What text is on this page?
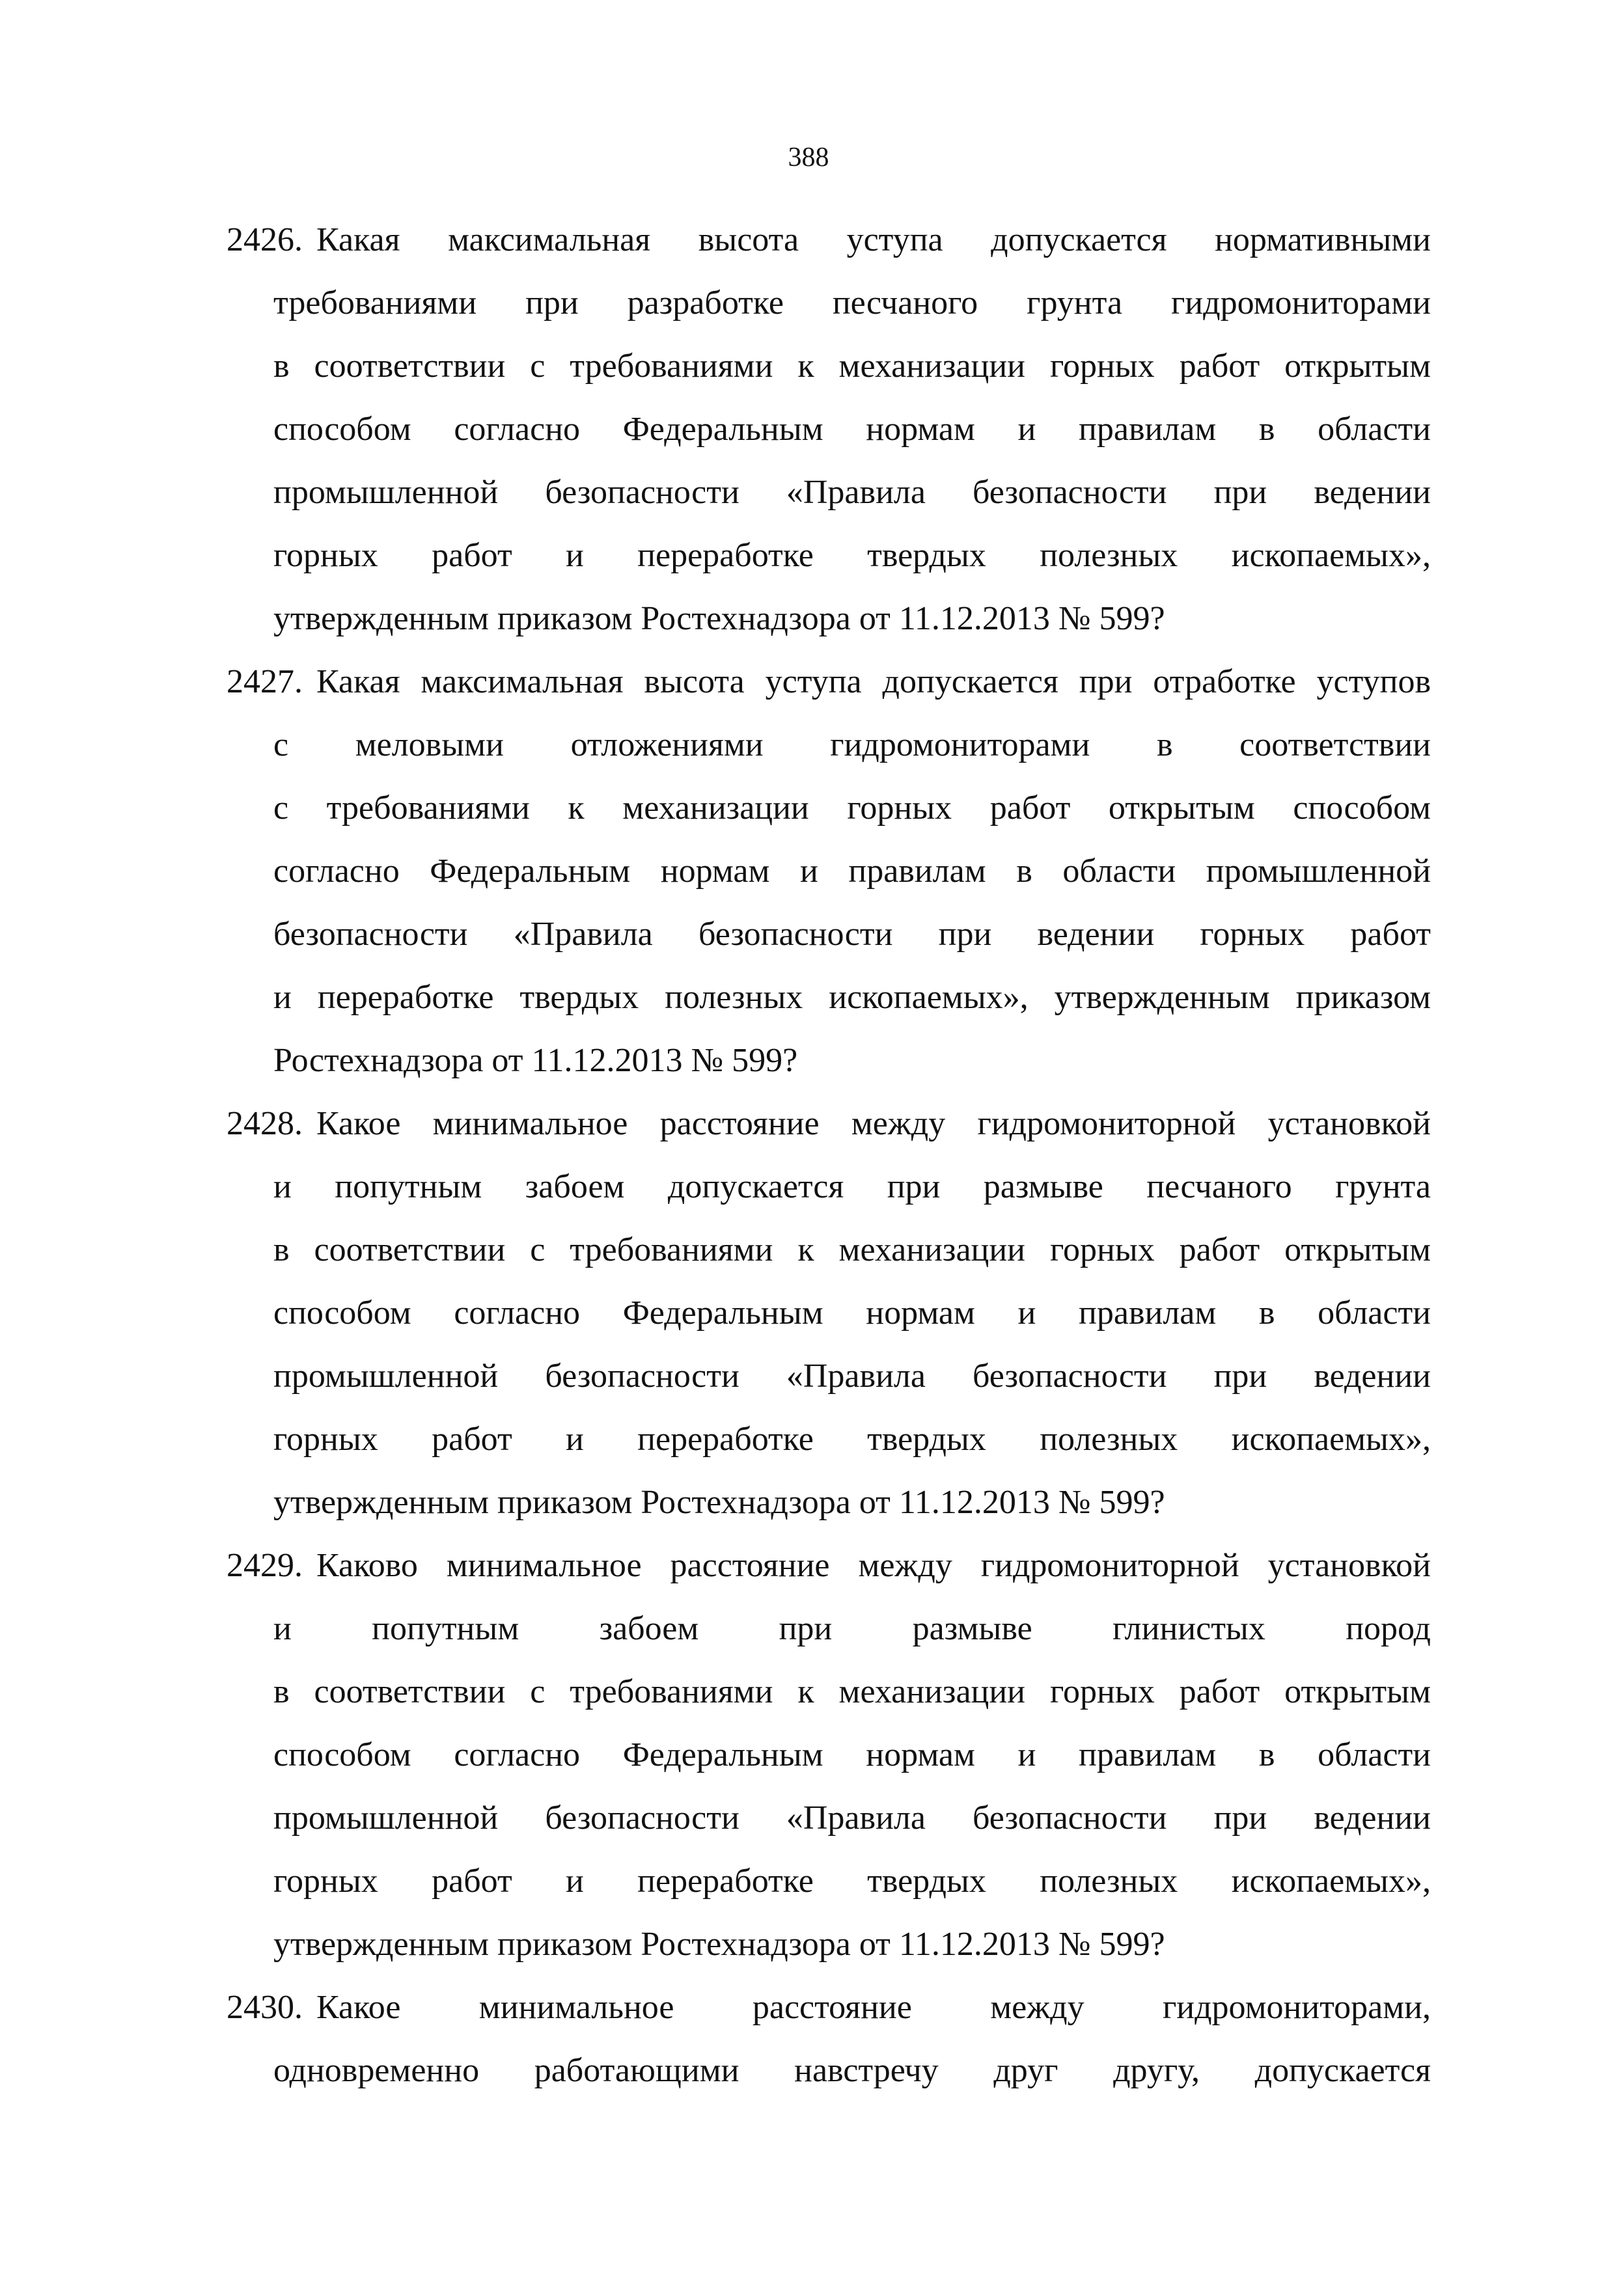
388
2426. Какая максимальная высота уступа допускается нормативными
требованиями при разработке песчаного грунта гидромониторами
в соответствии с требованиями к механизации горных работ открытым
способом согласно Федеральным нормам и правилам в области
промышленной безопасности «Правила безопасности при ведении
горных работ и переработке твердых полезных ископаемых»,
утвержденным приказом Ростехнадзора от 11.12.2013 № 599?
2427. Какая максимальная высота уступа допускается при отработке уступов
с меловыми отложениями гидромониторами в соответствии
с требованиями к механизации горных работ открытым способом
согласно Федеральным нормам и правилам в области промышленной
безопасности «Правила безопасности при ведении горных работ
и переработке твердых полезных ископаемых», утвержденным приказом
Ростехнадзора от 11.12.2013 № 599?
2428. Какое минимальное расстояние между гидромониторной установкой
и попутным забоем допускается при размыве песчаного грунта
в соответствии с требованиями к механизации горных работ открытым
способом согласно Федеральным нормам и правилам в области
промышленной безопасности «Правила безопасности при ведении
горных работ и переработке твердых полезных ископаемых»,
утвержденным приказом Ростехнадзора от 11.12.2013 № 599?
2429. Каково минимальное расстояние между гидромониторной установкой
и попутным забоем при размыве глинистых пород
в соответствии с требованиями к механизации горных работ открытым
способом согласно Федеральным нормам и правилам в области
промышленной безопасности «Правила безопасности при ведении
горных работ и переработке твердых полезных ископаемых»,
утвержденным приказом Ростехнадзора от 11.12.2013 № 599?
2430. Какое минимальное расстояние между гидромониторами,
одновременно работающими навстречу друг другу, допускается
